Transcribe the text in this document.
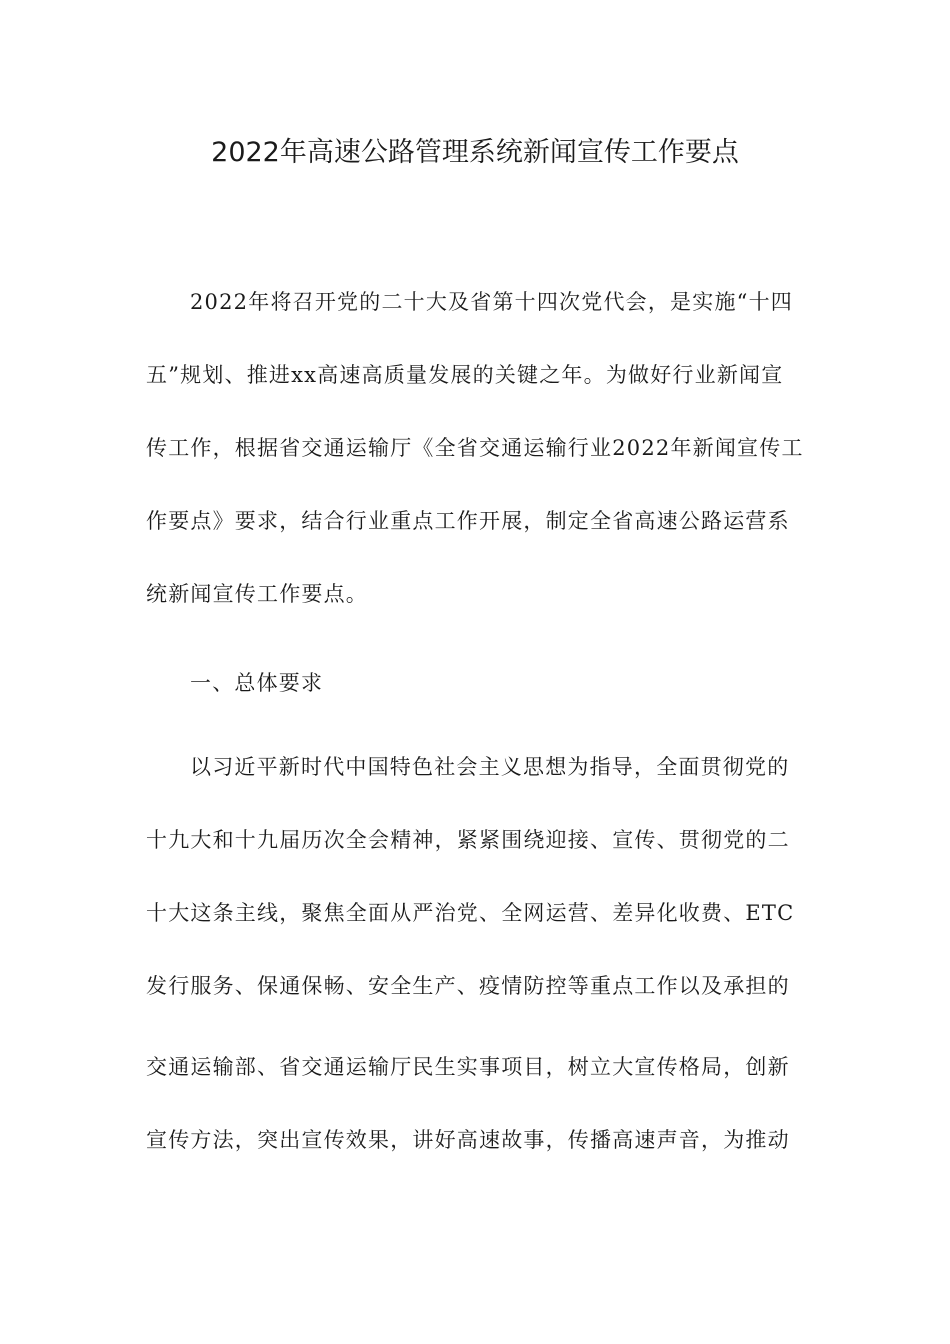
2022年高速公路管理系统新闻宣传工作要点
2022年将召开党的二十大及省第十四次党代会，是实施“十四
五”规划、推进xx高速高质量发展的关键之年。为做好行业新闻宣
传工作，根据省交通运输厅《全省交通运输行业2022年新闻宣传工
作要点》要求，结合行业重点工作开展，制定全省高速公路运营系
统新闻宣传工作要点。
一、总体要求
以习近平新时代中国特色社会主义思想为指导，全面贯彻党的
十九大和十九届历次全会精神，紧紧围绕迎接、宣传、贯彻党的二
十大这条主线，聚焦全面从严治党、全网运营、差异化收费、ETC
发行服务、保通保畅、安全生产、疫情防控等重点工作以及承担的
交通运输部、省交通运输厅民生实事项目，树立大宣传格局，创新
宣传方法，突出宣传效果，讲好高速故事，传播高速声音，为推动
